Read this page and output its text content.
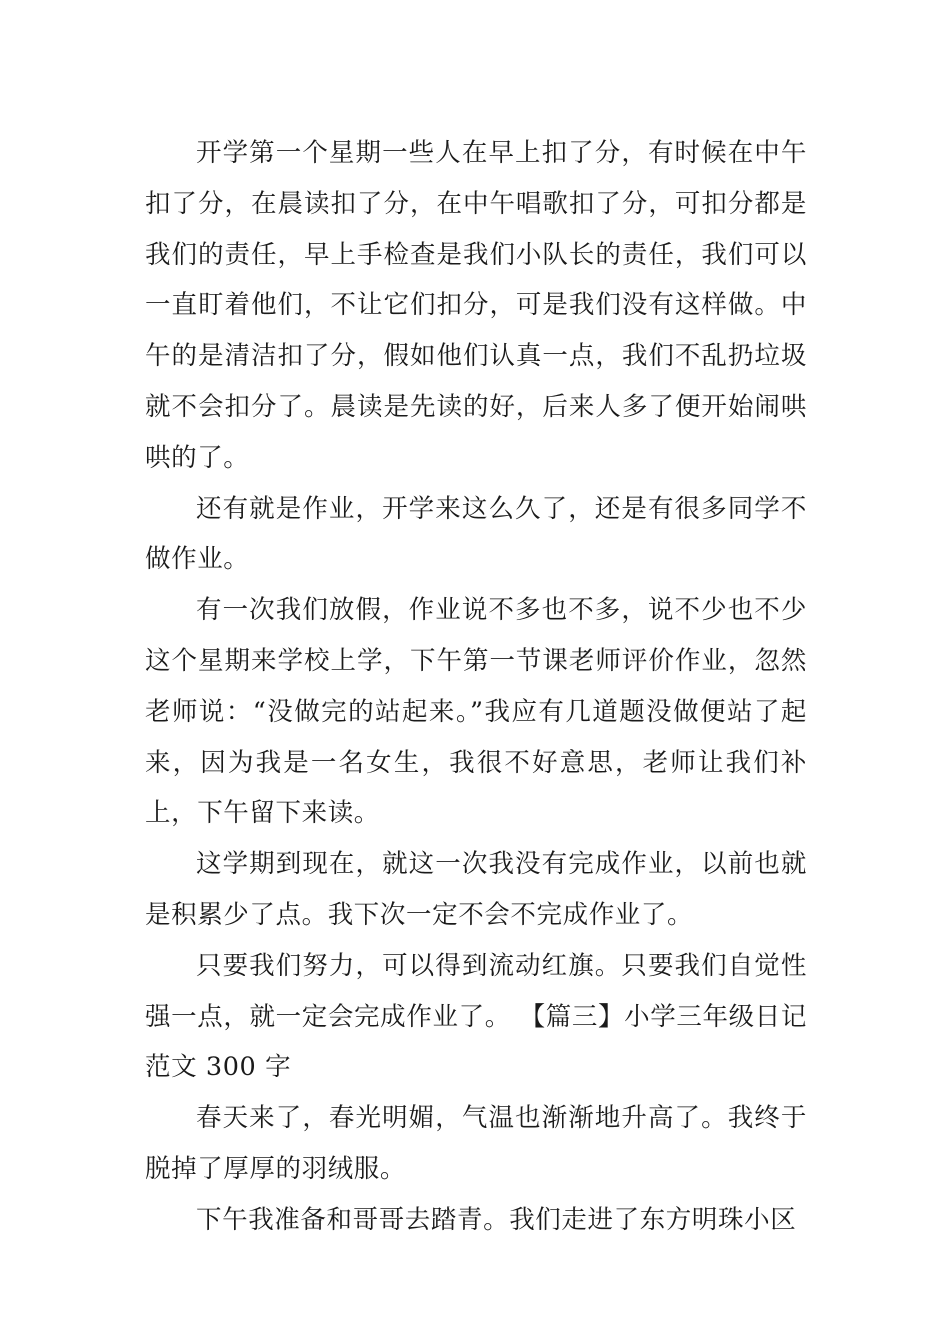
开学第一个星期一些人在早上扣了分，有时候在中午扣了分，在晨读扣了分，在中午唱歌扣了分，可扣分都是我们的责任，早上手检查是我们小队长的责任，我们可以一直盯着他们，不让它们扣分，可是我们没有这样做。中午的是清洁扣了分，假如他们认真一点，我们不乱扔垃圾就不会扣分了。晨读是先读的好，后来人多了便开始闹哄哄的了。

还有就是作业，开学来这么久了，还是有很多同学不做作业。

有一次我们放假，作业说不多也不多，说不少也不少这个星期来学校上学，下午第一节课老师评价作业，忽然老师说：“没做完的站起来。”我应有几道题没做便站了起来，因为我是一名女生，我很不好意思，老师让我们补上，下午留下来读。

这学期到现在，就这一次我没有完成作业，以前也就是积累少了点。我下次一定不会不完成作业了。

只要我们努力，可以得到流动红旗。只要我们自觉性强一点，就一定会完成作业了。 【篇三】小学三年级日记范文 300 字

春天来了，春光明媚，气温也渐渐地升高了。我终于脱掉了厚厚的羽绒服。

下午我准备和哥哥去踏青。我们走进了东方明珠小区
